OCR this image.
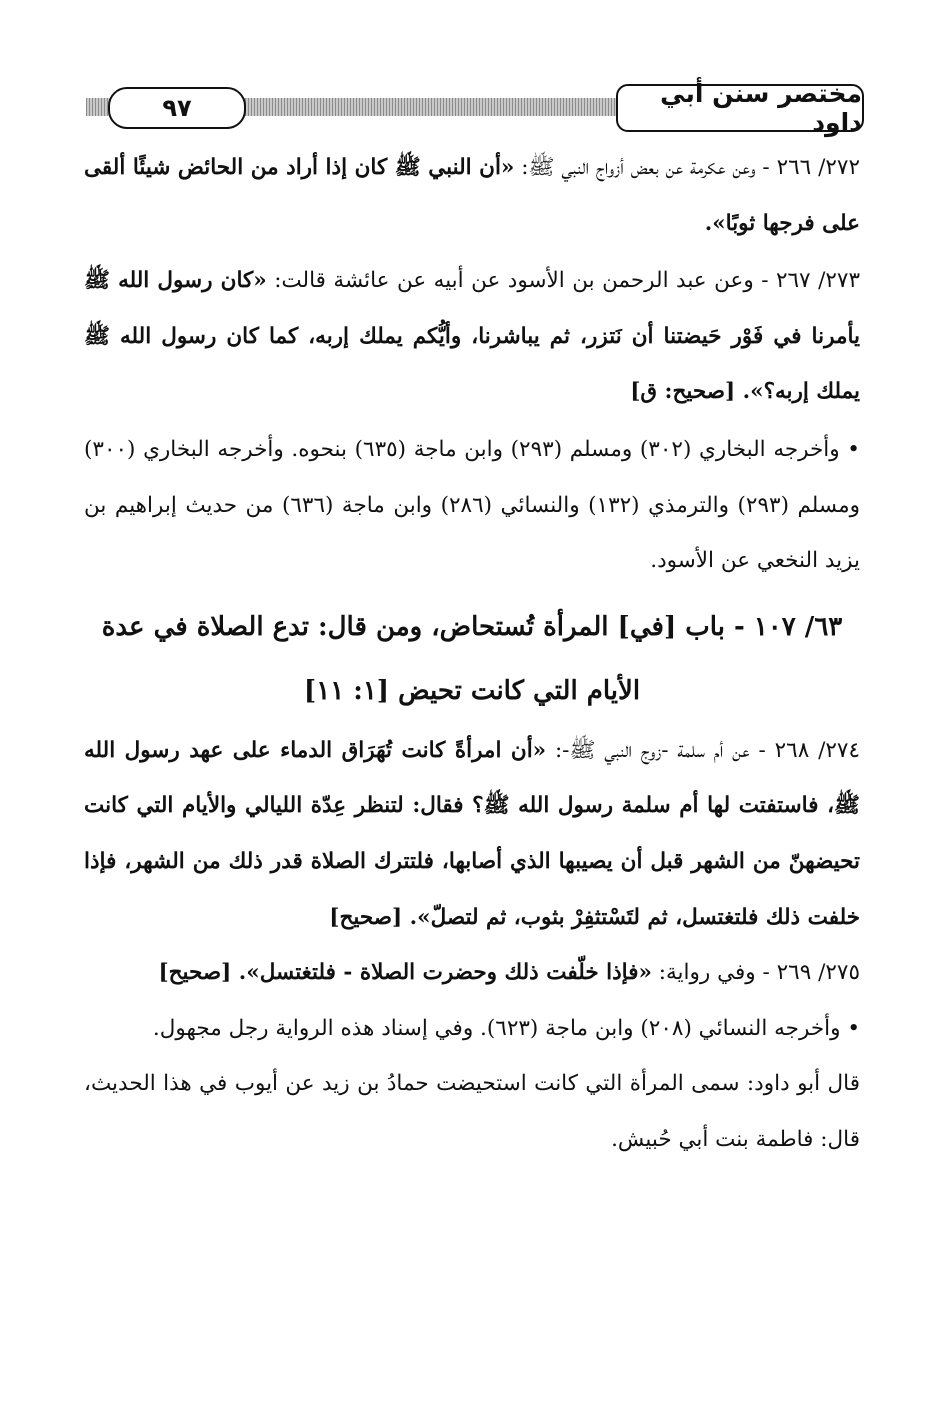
٩٧	مختصر سنن أبي داود

٢٧٢/ ٢٦٦ - وعن عكرمة عن بعض أزواج النبي ﷺ: «أن النبي ﷺ كان إذا أراد من الحائض شيئًا ألقى على فرجها ثوبًا».

٢٧٣/ ٢٦٧ - وعن عبد الرحمن بن الأسود عن أبيه عن عائشة قالت: «كان رسول الله ﷺ يأمرنا في فَوْر حَيضتنا أن نَتزر، ثم يباشرنا، وأيُّكم يملك إربه، كما كان رسول الله ﷺ يملك إربه؟». [صحيح: ق]

• وأخرجه البخاري (٣٠٢) ومسلم (٢٩٣) وابن ماجة (٦٣٥) بنحوه. وأخرجه البخاري (٣٠٠) ومسلم (٢٩٣) والترمذي (١٣٢) والنسائي (٢٨٦) وابن ماجة (٦٣٦) من حديث إبراهيم بن يزيد النخعي عن الأسود.

٦٣/ ١٠٧ - باب [في] المرأة تُستحاض، ومن قال: تدع الصلاة في عدة الأيام التي كانت تحيض [١: ١١]

٢٧٤/ ٢٦٨ - عن أم سلمة -زوج النبي ﷺ-: «أن امرأةً كانت تُهَرَاق الدماء على عهد رسول الله ﷺ، فاستفتت لها أم سلمة رسول الله ﷺ؟ فقال: لتنظر عِدّة الليالي والأيام التي كانت تحيضهنّ من الشهر قبل أن يصيبها الذي أصابها، فلتترك الصلاة قدر ذلك من الشهر، فإذا خلفت ذلك فلتغتسل، ثم لتَسْتثفِرْ بثوب، ثم لتصلّ». [صحيح]

٢٧٥/ ٢٦٩ - وفي رواية: «فإذا خلّفت ذلك وحضرت الصلاة - فلتغتسل». [صحيح]

• وأخرجه النسائي (٢٠٨) وابن ماجة (٦٢٣). وفي إسناد هذه الرواية رجل مجهول.

قال أبو داود: سمى المرأة التي كانت استحيضت حمادُ بن زيد عن أيوب في هذا الحديث، قال: فاطمة بنت أبي حُبيش.
